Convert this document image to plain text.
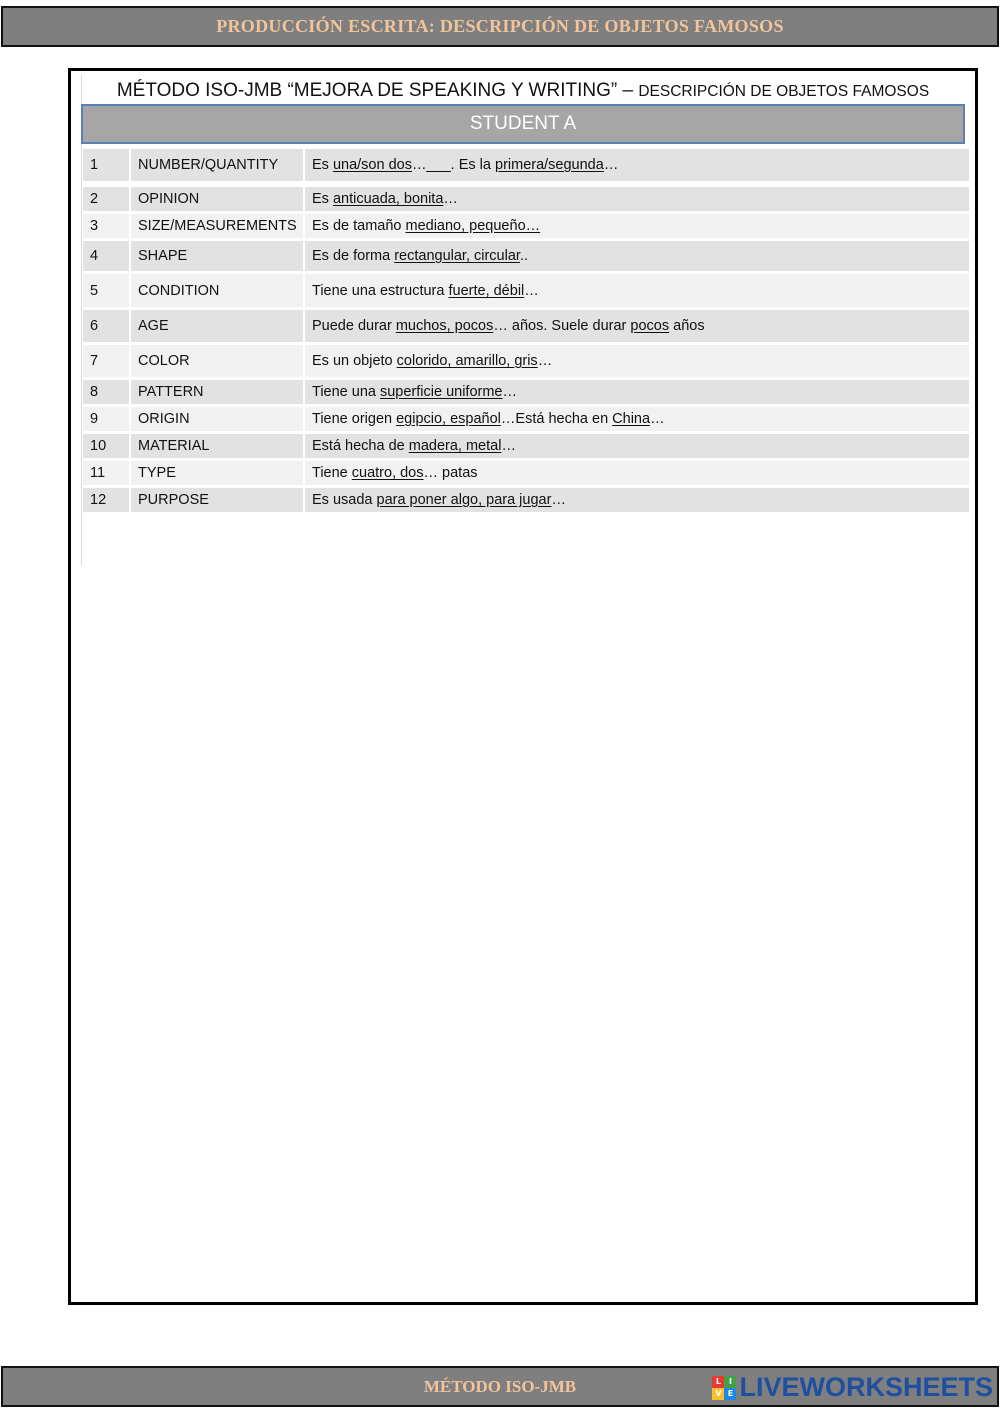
PRODUCCIÓN ESCRITA: DESCRIPCIÓN DE OBJETOS FAMOSOS
MÉTODO ISO-JMB “MEJORA DE SPEAKING Y WRITING” – DESCRIPCIÓN DE OBJETOS FAMOSOS
STUDENT A
1	NUMBER/QUANTITY	Es una/son dos…___. Es la primera/segunda…
2	OPINION	Es anticuada, bonita…
3	SIZE/MEASUREMENTS	Es de tamaño mediano, pequeño…
4	SHAPE	Es de forma rectangular, circular..
5	CONDITION	Tiene una estructura fuerte, débil…
6	AGE	Puede durar muchos, pocos… años. Suele durar pocos años
7	COLOR	Es un objeto colorido, amarillo, gris…
8	PATTERN	Tiene una superficie uniforme…
9	ORIGIN	Tiene origen egipcio, español…Está hecha en China…
10	MATERIAL	Está hecha de madera, metal…
11	TYPE	Tiene cuatro, dos… patas
12	PURPOSE	Es usada para poner algo, para jugar…
MÉTODO ISO-JMB	L I
V E LIVEWORKSHEETS
